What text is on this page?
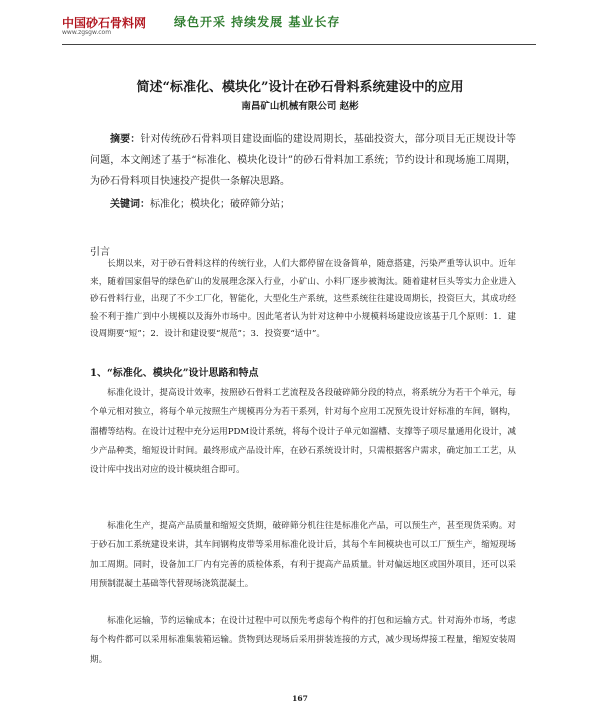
中国砂石骨料网
www.zgsgw.com
绿色开采 持续发展 基业长存
简述“标准化、模块化”设计在砂石骨料系统建设中的应用
南昌矿山机械有限公司 赵彬

摘要：针对传统砂石骨料项目建设面临的建设周期长，基础投资大，部分项目无正规设计等问题，本文阐述了基于“标准化、模块化设计”的砂石骨料加工系统；节约设计和现场施工周期，为砂石骨料项目快速投产提供一条解决思路。

关键词：标准化；模块化；破碎筛分站；

引言

长期以来，对于砂石骨料这样的传统行业，人们大都停留在设备简单，随意搭建，污染严重等认识中。近年来，随着国家倡导的绿色矿山的发展理念深入行业，小矿山、小料厂逐步被淘汰。随着建材巨头等实力企业进入砂石骨料行业，出现了不少工厂化，智能化，大型化生产系统，这些系统往往建设周期长，投资巨大，其成功经验不利于推广到中小规模以及海外市场中。因此笔者认为针对这种中小规模料场建设应该基于几个原则：1．建设周期要“短”；2．设计和建设要“规范”；3．投资要“适中”。

1、“标准化、模块化”设计思路和特点

标准化设计，提高设计效率，按照砂石骨料工艺流程及各段破碎筛分段的特点，将系统分为若干个单元，每个单元相对独立，将每个单元按照生产规模再分为若干系列，针对每个应用工况预先设计好标准的车间，钢构，溜槽等结构。在设计过程中充分运用PDM设计系统，将每个设计子单元如溜槽、支撑等子项尽量通用化设计，减少产品种类，缩短设计时间。最终形成产品设计库，在砂石系统设计时，只需根据客户需求，确定加工工艺，从设计库中找出对应的设计模块组合即可。

标准化生产，提高产品质量和缩短交货期，破碎筛分机往往是标准化产品，可以预生产，甚至现货采购。对于砂石加工系统建设来讲，其车间钢构皮带等采用标准化设计后，其每个车间模块也可以工厂预生产，缩短现场加工周期。同时，设备加工厂内有完善的质检体系，有利于提高产品质量。针对偏远地区或国外项目，还可以采用预制混凝土基础等代替现场浇筑混凝土。

标准化运输，节约运输成本；在设计过程中可以预先考虑每个构件的打包和运输方式。针对海外市场，考虑每个构件都可以采用标准集装箱运输。货物到达现场后采用拼装连接的方式，减少现场焊接工程量，缩短安装周期。

167
